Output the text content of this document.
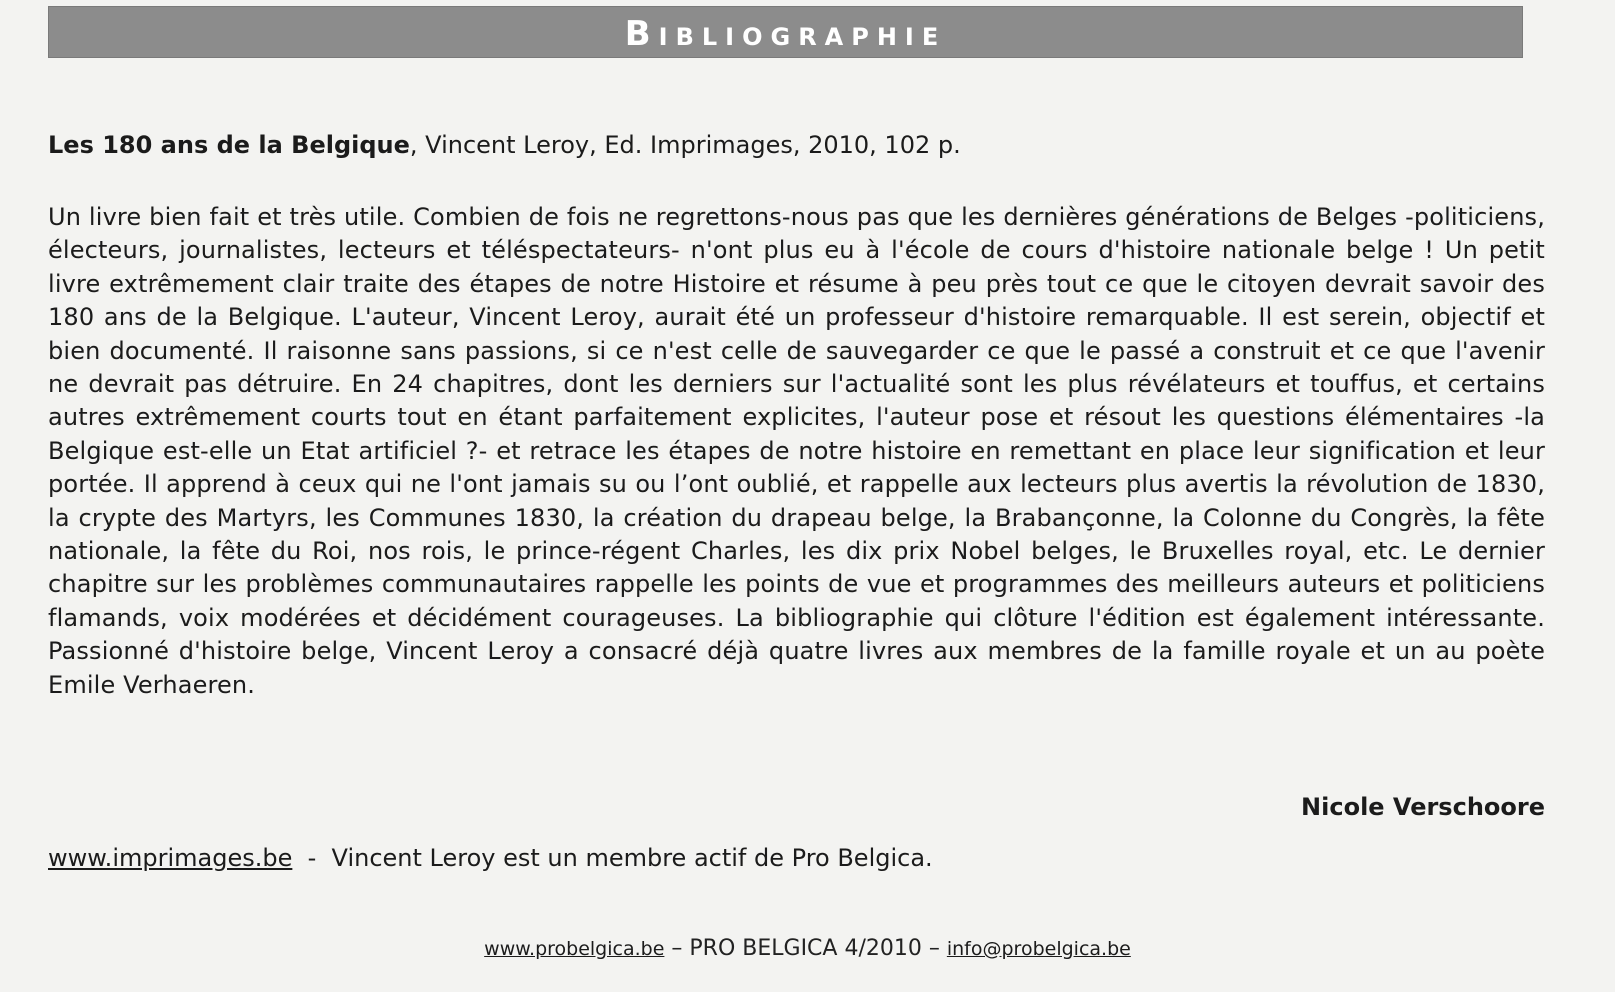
Bibliographie
Les 180 ans de la Belgique, Vincent Leroy, Ed. Imprimages, 2010, 102 p.
Un livre bien fait et très utile. Combien de fois ne regrettons-nous pas que les dernières générations de Belges -politiciens, électeurs, journalistes, lecteurs et téléspectateurs- n'ont plus eu à l'école de cours d'histoire nationale belge ! Un petit livre extrêmement clair traite des étapes de notre Histoire et résume à peu près tout ce que le citoyen devrait savoir des 180 ans de la Belgique. L'auteur, Vincent Leroy, aurait été un professeur d'histoire remarquable. Il est serein, objectif et bien documenté. Il raisonne sans passions, si ce n'est celle de sauvegarder ce que le passé a construit et ce que l'avenir ne devrait pas détruire. En 24 chapitres, dont les derniers sur l'actualité sont les plus révélateurs et touffus, et certains autres extrêmement courts tout en étant parfaitement explicites, l'auteur pose et résout les questions élémentaires -la Belgique est-elle un Etat artificiel ?- et retrace les étapes de notre histoire en remettant en place leur signification et leur portée. Il apprend à ceux qui ne l'ont jamais su ou l’ont oublié, et rappelle aux lecteurs plus avertis la révolution de 1830, la crypte des Martyrs, les Communes 1830, la création du drapeau belge, la Brabançonne, la Colonne du Congrès, la fête nationale, la fête du Roi, nos rois, le prince-régent Charles, les dix prix Nobel belges, le Bruxelles royal, etc. Le dernier chapitre sur les problèmes communautaires rappelle les points de vue et programmes des meilleurs auteurs et politiciens flamands, voix modérées et décidément courageuses. La bibliographie qui clôture l'édition est également intéressante. Passionné d'histoire belge, Vincent Leroy a consacré déjà quatre livres aux membres de la famille royale et un au poète Emile Verhaeren.
Nicole Verschoore
www.imprimages.be  -  Vincent Leroy est un membre actif de Pro Belgica.
www.probelgica.be – PRO BELGICA 4/2010 – info@probelgica.be
